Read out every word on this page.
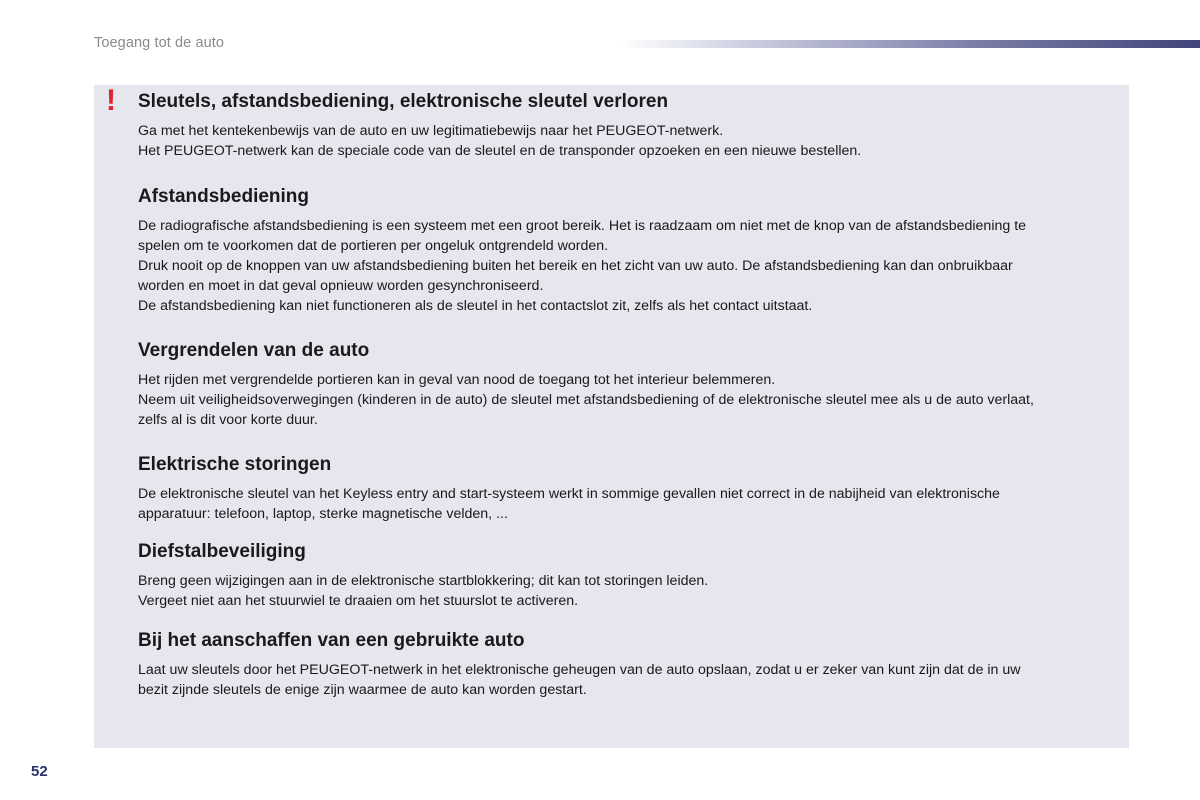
Toegang tot de auto
! Sleutels, afstandsbediening, elektronische sleutel verloren

Ga met het kentekenbewijs van de auto en uw legitimatiebewijs naar het PEUGEOT-netwerk.

Het PEUGEOT-netwerk kan de speciale code van de sleutel en de transponder opzoeken en een nieuwe bestellen.

Afstandsbediening

De radiografische afstandsbediening is een systeem met een groot bereik. Het is raadzaam om niet met de knop van de afstandsbediening te

spelen om te voorkomen dat de portieren per ongeluk ontgrendeld worden.

Druk nooit op de knoppen van uw afstandsbediening buiten het bereik en het zicht van uw auto. De afstandsbediening kan dan onbruikbaar

worden en moet in dat geval opnieuw worden gesynchroniseerd.

De afstandsbediening kan niet functioneren als de sleutel in het contactslot zit, zelfs als het contact uitstaat.

Vergrendelen van de auto

Het rijden met vergrendelde portieren kan in geval van nood de toegang tot het interieur belemmeren.

Neem uit veiligheidsoverwegingen (kinderen in de auto) de sleutel met afstandsbediening of de elektronische sleutel mee als u de auto verlaat,

zelfs al is dit voor korte duur.

Elektrische storingen

De elektronische sleutel van het Keyless entry and start-systeem werkt in sommige gevallen niet correct in de nabijheid van elektronische

apparatuur: telefoon, laptop, sterke magnetische velden, ...

Diefstalbeveiliging

Breng geen wijzigingen aan in de elektronische startblokkering; dit kan tot storingen leiden.

Vergeet niet aan het stuurwiel te draaien om het stuurslot te activeren.

Bij het aanschaffen van een gebruikte auto

Laat uw sleutels door het PEUGEOT-netwerk in het elektronische geheugen van de auto opslaan, zodat u er zeker van kunt zijn dat de in uw

bezit zijnde sleutels de enige zijn waarmee de auto kan worden gestart.

52
